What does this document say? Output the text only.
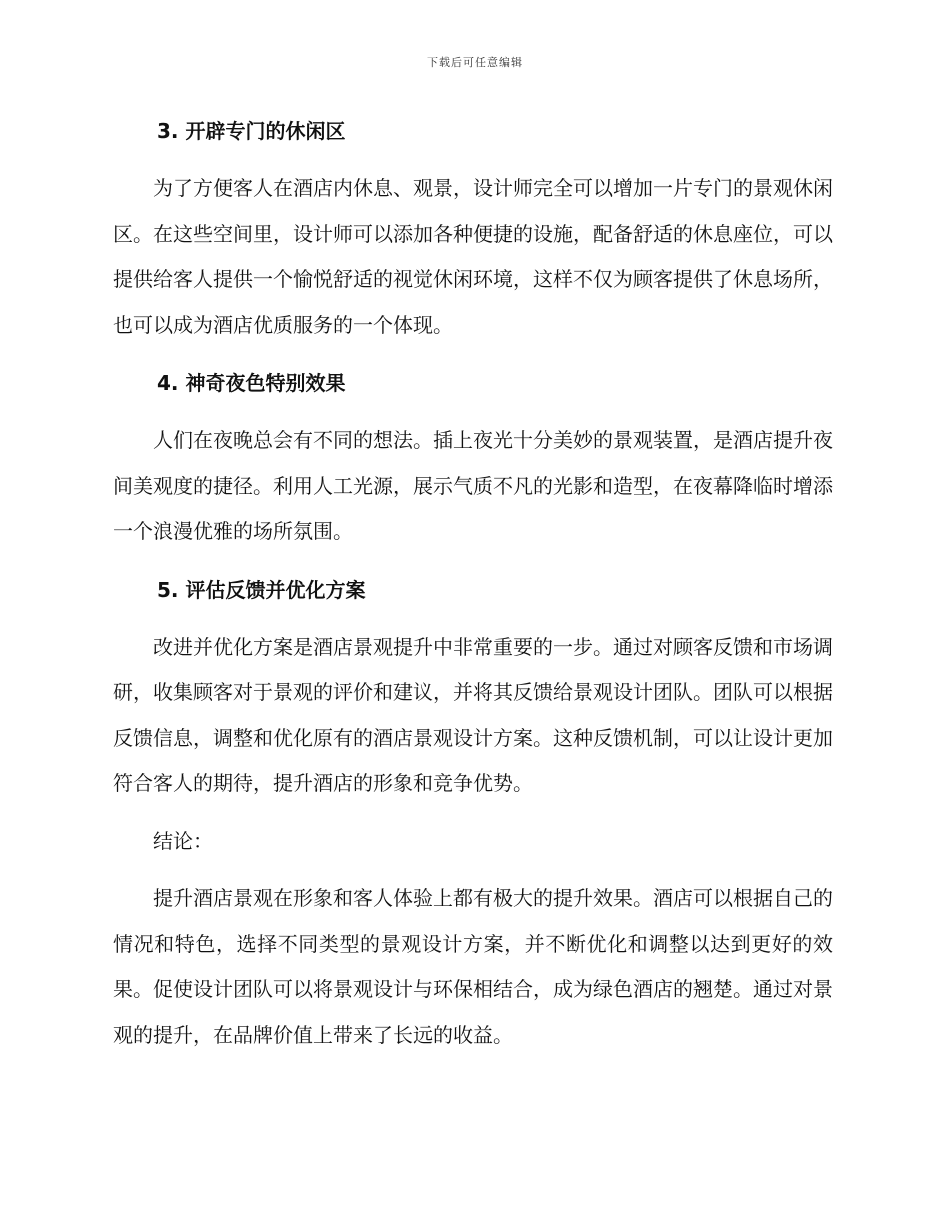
下载后可任意编辑
3. 开辟专门的休闲区

为了方便客人在酒店内休息、观景，设计师完全可以增加一片专门的景观休闲区。在这些空间里，设计师可以添加各种便捷的设施，配备舒适的休息座位，可以提供给客人提供一个愉悦舒适的视觉休闲环境，这样不仅为顾客提供了休息场所，也可以成为酒店优质服务的一个体现。

4. 神奇夜色特别效果

人们在夜晚总会有不同的想法。插上夜光十分美妙的景观装置，是酒店提升夜间美观度的捷径。利用人工光源，展示气质不凡的光影和造型，在夜幕降临时增添一个浪漫优雅的场所氛围。

5. 评估反馈并优化方案

改进并优化方案是酒店景观提升中非常重要的一步。通过对顾客反馈和市场调研，收集顾客对于景观的评价和建议，并将其反馈给景观设计团队。团队可以根据反馈信息，调整和优化原有的酒店景观设计方案。这种反馈机制，可以让设计更加符合客人的期待，提升酒店的形象和竞争优势。

结论：

提升酒店景观在形象和客人体验上都有极大的提升效果。酒店可以根据自己的情况和特色，选择不同类型的景观设计方案，并不断优化和调整以达到更好的效果。促使设计团队可以将景观设计与环保相结合，成为绿色酒店的翘楚。通过对景观的提升，在品牌价值上带来了长远的收益。
